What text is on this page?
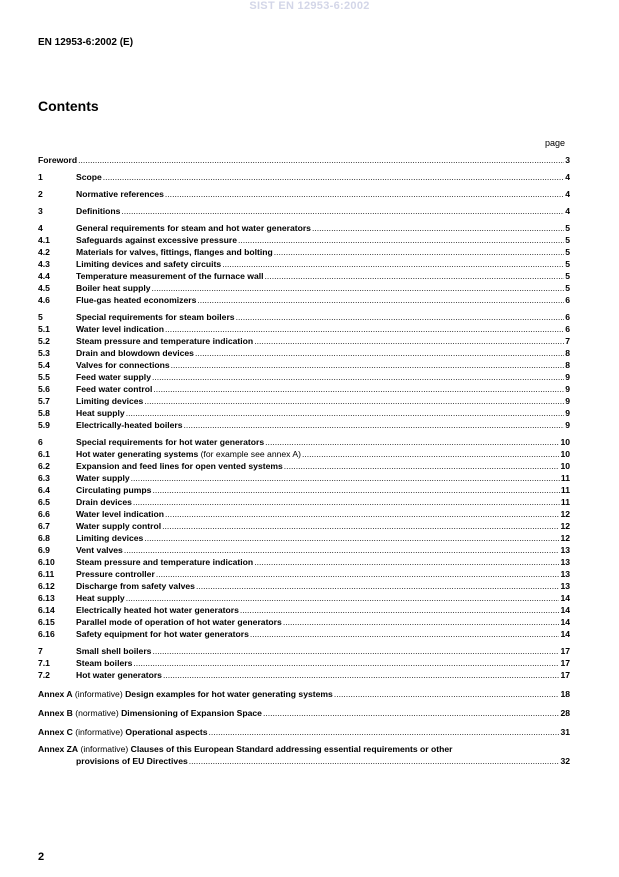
SIST EN 12953-6:2002
EN 12953-6:2002 (E)
Contents
page
Foreword .....	3
1	Scope .....	4
2	Normative references .....	4
3	Definitions .....	4
4	General requirements for steam and hot water generators .....	5
4.1	Safeguards against excessive pressure .....	5
4.2	Materials for valves, fittings, flanges and bolting .....	5
4.3	Limiting devices and safety circuits .....	5
4.4	Temperature measurement of the furnace wall .....	5
4.5	Boiler heat supply .....	5
4.6	Flue-gas heated economizers .....	6
5	Special requirements for steam boilers .....	6
5.1	Water level indication .....	6
5.2	Steam pressure and temperature indication .....	7
5.3	Drain and blowdown devices .....	8
5.4	Valves for connections .....	8
5.5	Feed water supply .....	9
5.6	Feed water control .....	9
5.7	Limiting devices .....	9
5.8	Heat supply .....	9
5.9	Electrically-heated boilers .....	9
6	Special requirements for hot water generators .....	10
6.1	Hot water generating systems (for example see annex A) .....	10
6.2	Expansion and feed lines for open vented systems .....	10
6.3	Water supply .....	11
6.4	Circulating pumps .....	11
6.5	Drain devices .....	11
6.6	Water level indication .....	12
6.7	Water supply control .....	12
6.8	Limiting devices .....	12
6.9	Vent valves .....	13
6.10	Steam pressure and temperature indication .....	13
6.11	Pressure controller .....	13
6.12	Discharge from safety valves .....	13
6.13	Heat supply .....	14
6.14	Electrically heated hot water generators .....	14
6.15	Parallel mode of operation of hot water generators .....	14
6.16	Safety equipment for hot water generators .....	14
7	Small shell boilers .....	17
7.1	Steam boilers .....	17
7.2	Hot water generators .....	17
Annex A (informative) Design examples for hot water generating systems .....	18
Annex B (normative) Dimensioning of Expansion Space .....	28
Annex C (informative) Operational aspects .....	31
Annex ZA (informative) Clauses of this European Standard addressing essential requirements or other
provisions of EU Directives .....	32
2
